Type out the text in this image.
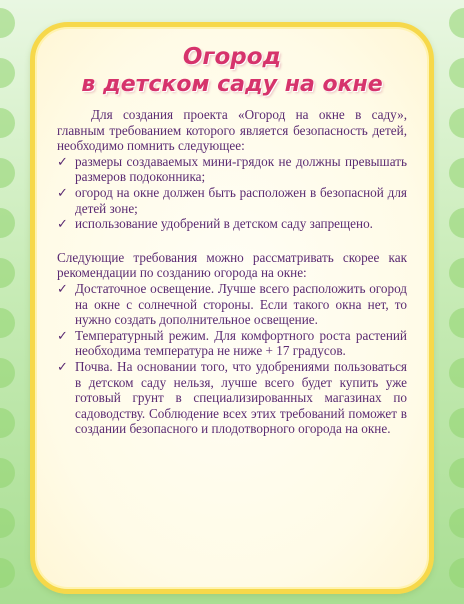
Огород
в детском саду на окне

Для создания проекта «Огород на окне в саду», главным требованием которого является безопасность детей, необходимо помнить следующее:

✓ размеры создаваемых мини-грядок не должны превышать размеров подоконника;
✓ огород на окне должен быть расположен в безопасной для детей зоне;
✓ использование удобрений в детском саду запрещено.

Следующие требования можно рассматривать скорее как рекомендации по созданию огорода на окне:

✓ Достаточное освещение. Лучше всего расположить огород на окне с солнечной стороны. Если такого окна нет, то нужно создать дополнительное освещение.
✓ Температурный режим. Для комфортного роста растений необходима температура не ниже + 17 градусов.
✓ Почва. На основании того, что удобрениями пользоваться в детском саду нельзя, лучше всего будет купить уже готовый грунт в специализированных магазинах по садоводству. Соблюдение всех этих требований поможет в создании безопасного и плодотворного огорода на окне.
